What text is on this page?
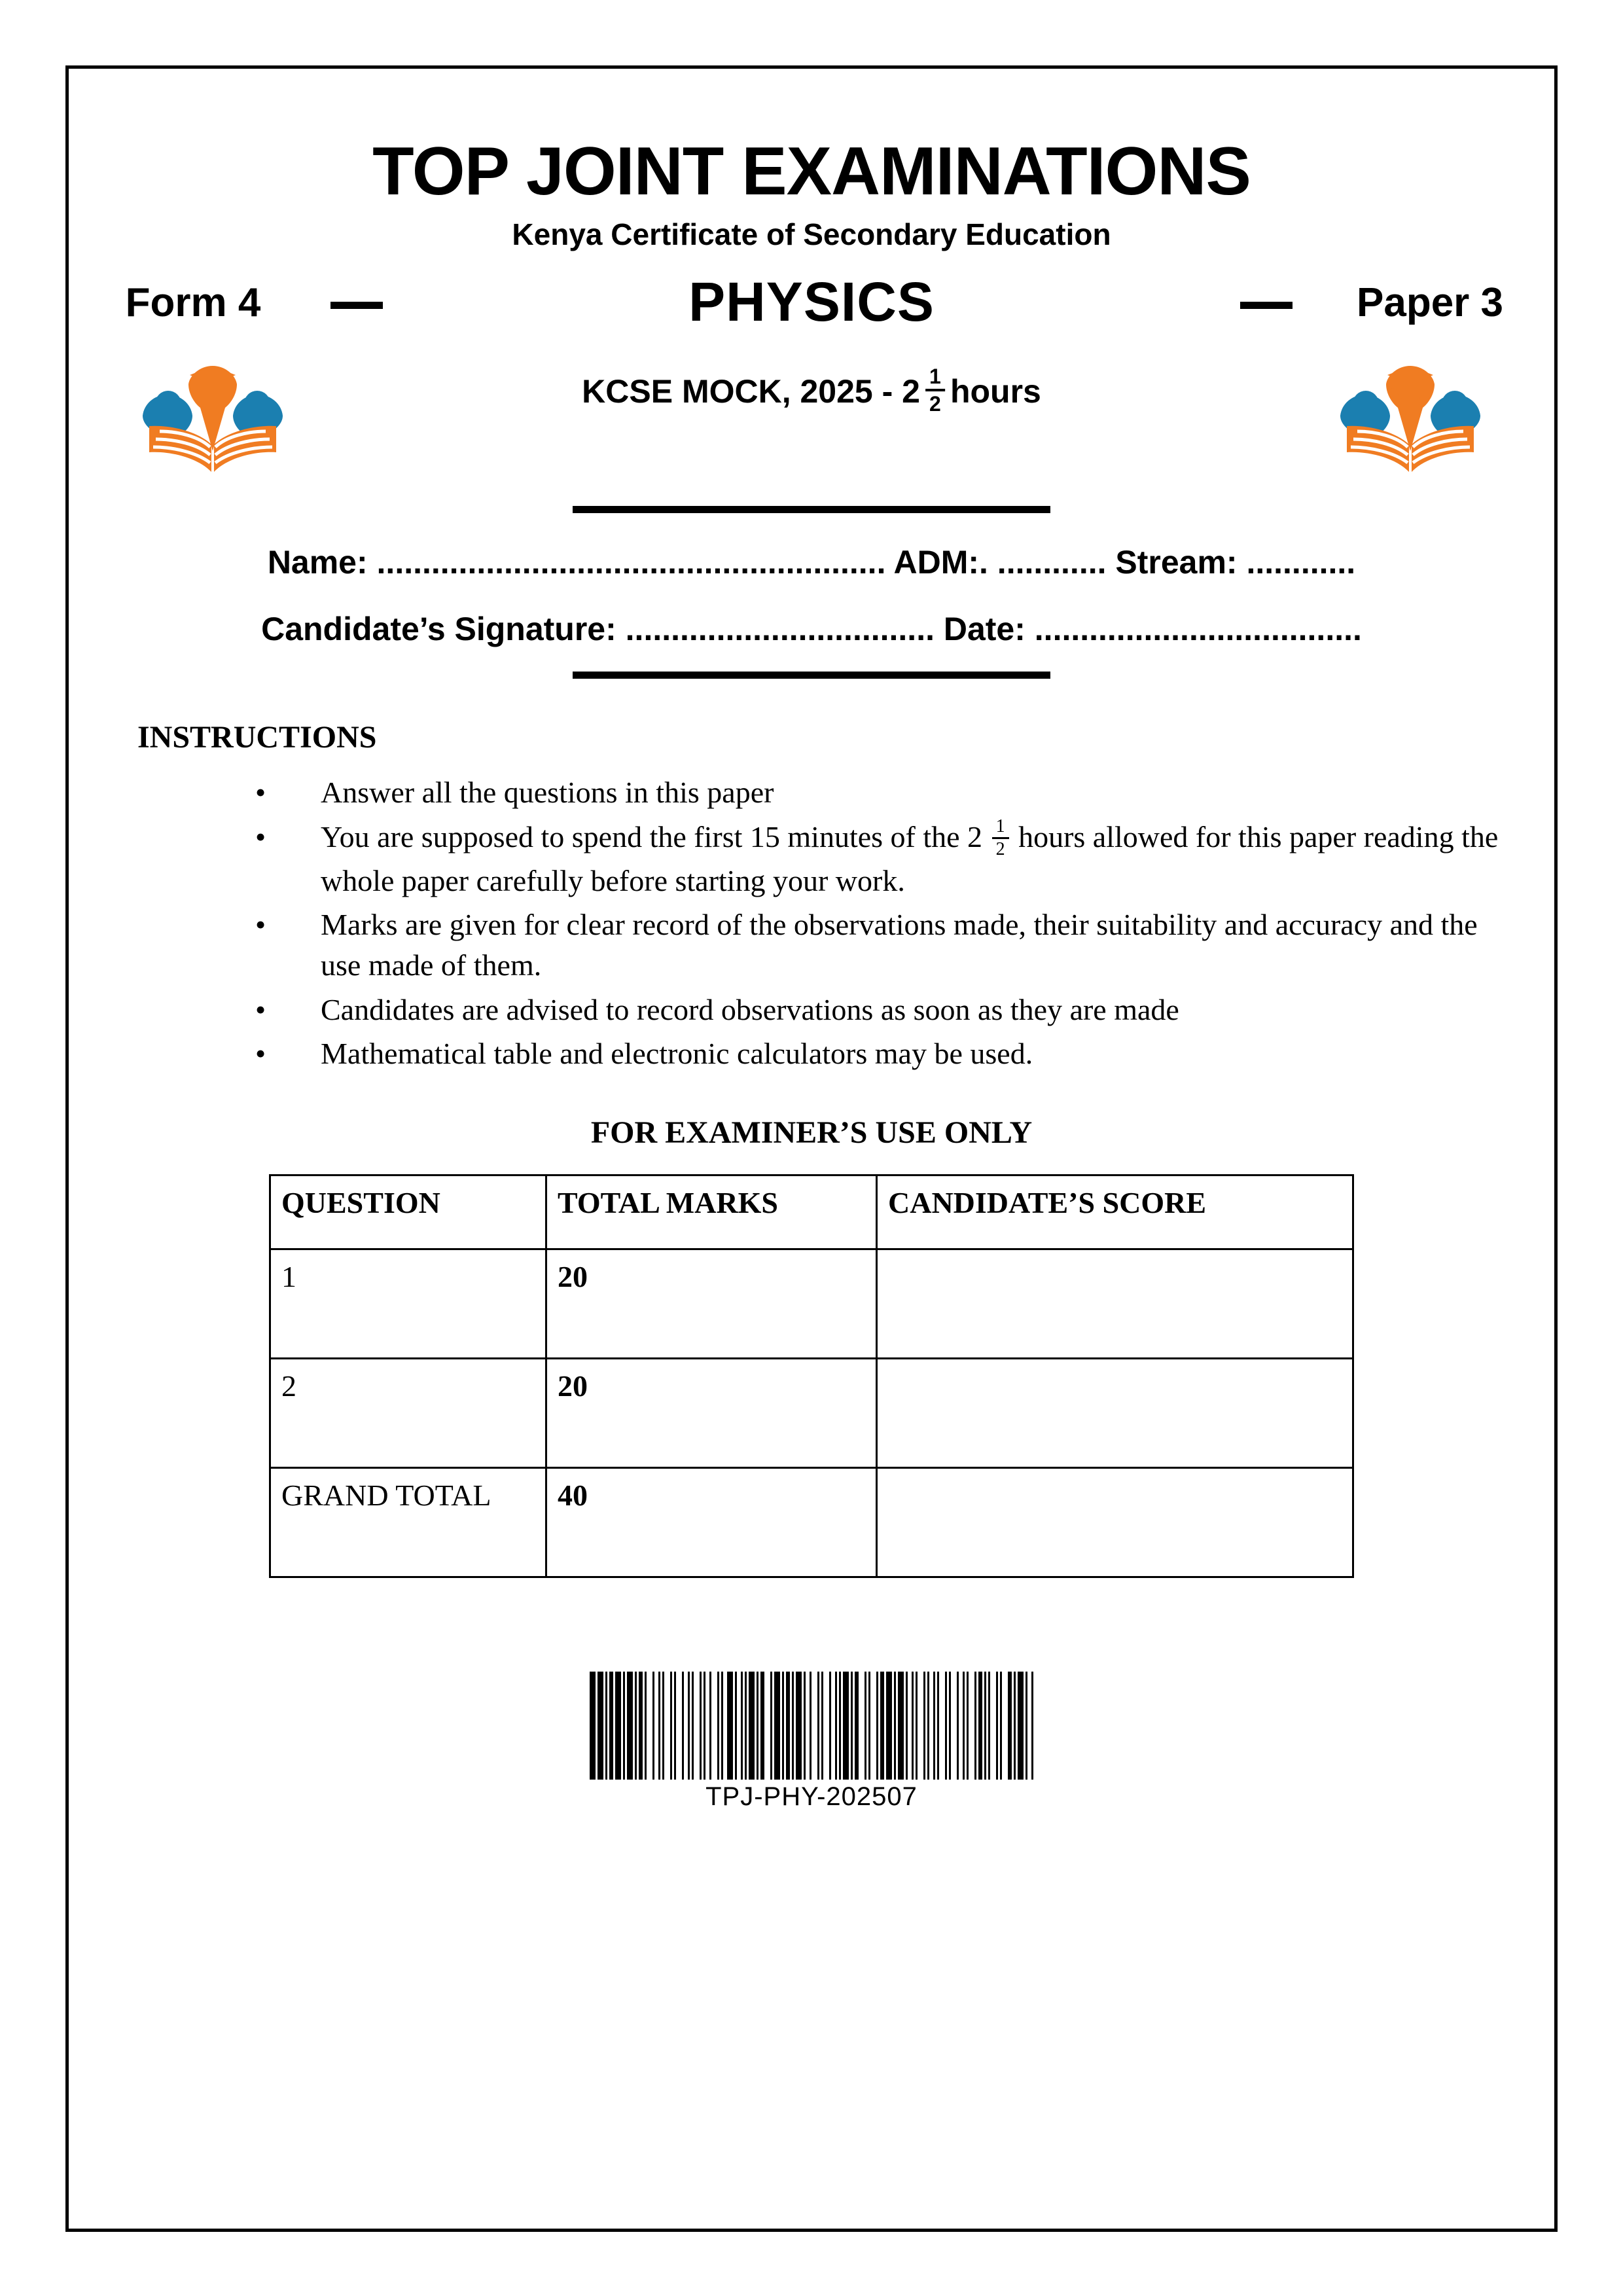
TOP JOINT EXAMINATIONS
Kenya Certificate of Secondary Education
Form 4	PHYSICS	Paper 3
KCSE MOCK, $2025 - 2 \frac{1}{2}$ hours
Name: ........................................................ ADM:. ............ Stream: ............
Candidate’s Signature: .................................. Date: ....................................
INSTRUCTIONS
• Answer all the questions in this paper
• You are supposed to spend the first 15 minutes of the $2 \frac{1}{2}$ hours allowed for this paper reading the whole paper carefully before starting your work.
• Marks are given for clear record of the observations made, their suitability and accuracy and the use made of them.
• Candidates are advised to record observations as soon as they are made
• Mathematical table and electronic calculators may be used.
FOR EXAMINER’S USE ONLY
QUESTION	TOTAL MARKS	CANDIDATE’S SCORE
1	20	
2	20	
GRAND TOTAL	40	
TPJ-PHY-202507
